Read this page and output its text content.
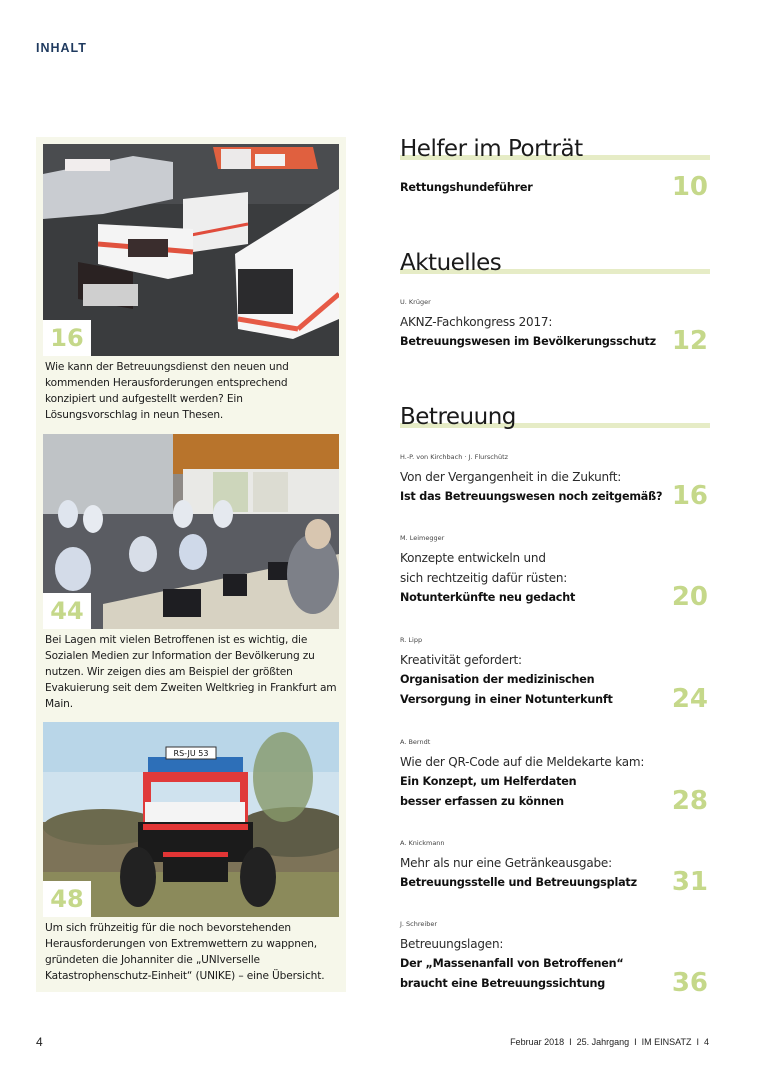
INHALT
16
Wie kann der Betreuungsdienst den neuen und kommenden Herausforderungen entsprechend konzipiert und aufgestellt werden? Ein Lösungsvorschlag in neun Thesen.
44
Bei Lagen mit vielen Betroffenen ist es wichtig, die Sozialen Medien zur Information der Bevölkerung zu nutzen. Wir zeigen dies am Beispiel der größten Evakuierung seit dem Zweiten Weltkrieg in Frankfurt am Main.
RS-JU 53
48
Um sich frühzeitig für die noch bevorstehenden Herausforderungen von Extremwettern zu wappnen, gründeten die Johanniter die „UNIverselle Katastrophenschutz-Einheit“ (UNIKE) – eine Übersicht.
Helfer im Porträt
Rettungshundeführer	10
Aktuelles
U. Krüger
AKNZ-Fachkongress 2017:
Betreuungswesen im Bevölkerungsschutz 12
Betreuung
H.-P. von Kirchbach · J. Flurschütz
Von der Vergangenheit in die Zukunft:
Ist das Betreuungswesen noch zeitgemäß? 16
M. Leimegger
Konzepte entwickeln und
sich rechtzeitig dafür rüsten:
Notunterkünfte neu gedacht	20
R. Lipp
Kreativität gefordert:
Organisation der medizinischen
Versorgung in einer Notunterkunft	24
A. Berndt
Wie der QR-Code auf die Meldekarte kam:
Ein Konzept, um Helferdaten
besser erfassen zu können	28
A. Knickmann
Mehr als nur eine Getränkeausgabe:
Betreuungsstelle und Betreuungsplatz	31
J. Schreiber
Betreuungslagen:
Der „Massenanfall von Betroffenen“
braucht eine Betreuungssichtung	36
4	Februar 2018  I  25. Jahrgang  I  IM EINSATZ  I  4
